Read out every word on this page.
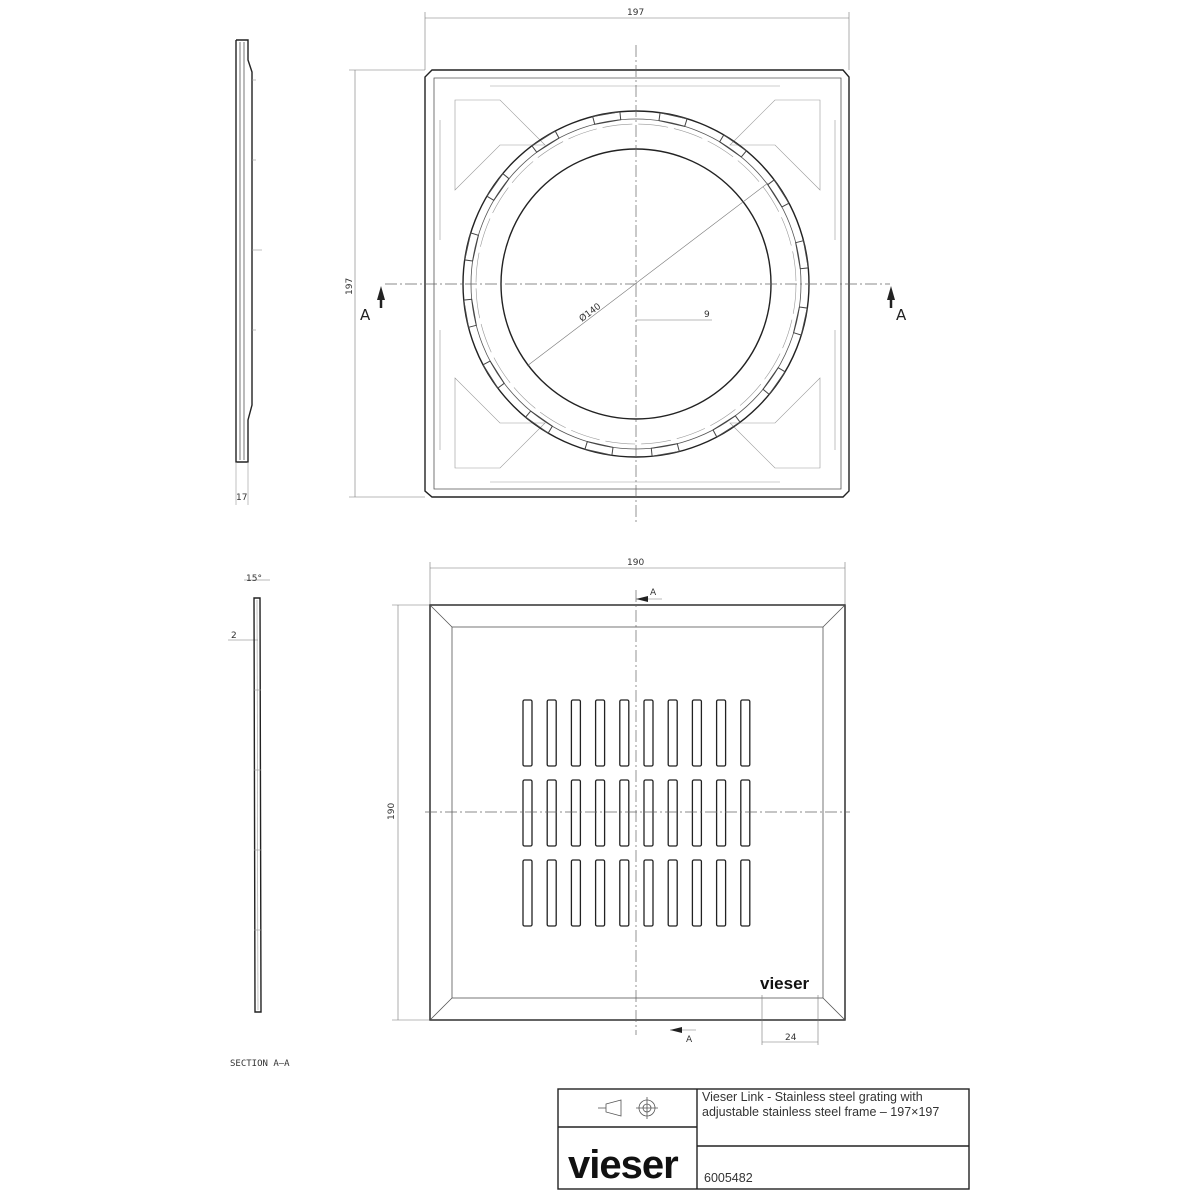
17
197
197
Ø140	9
A	A
15°
2
SECTION A–A
190
190
A
A
vieser
24
Vieser Link - Stainless steel grating with
adjustable stainless steel frame – 197×197
6005482
vieser
